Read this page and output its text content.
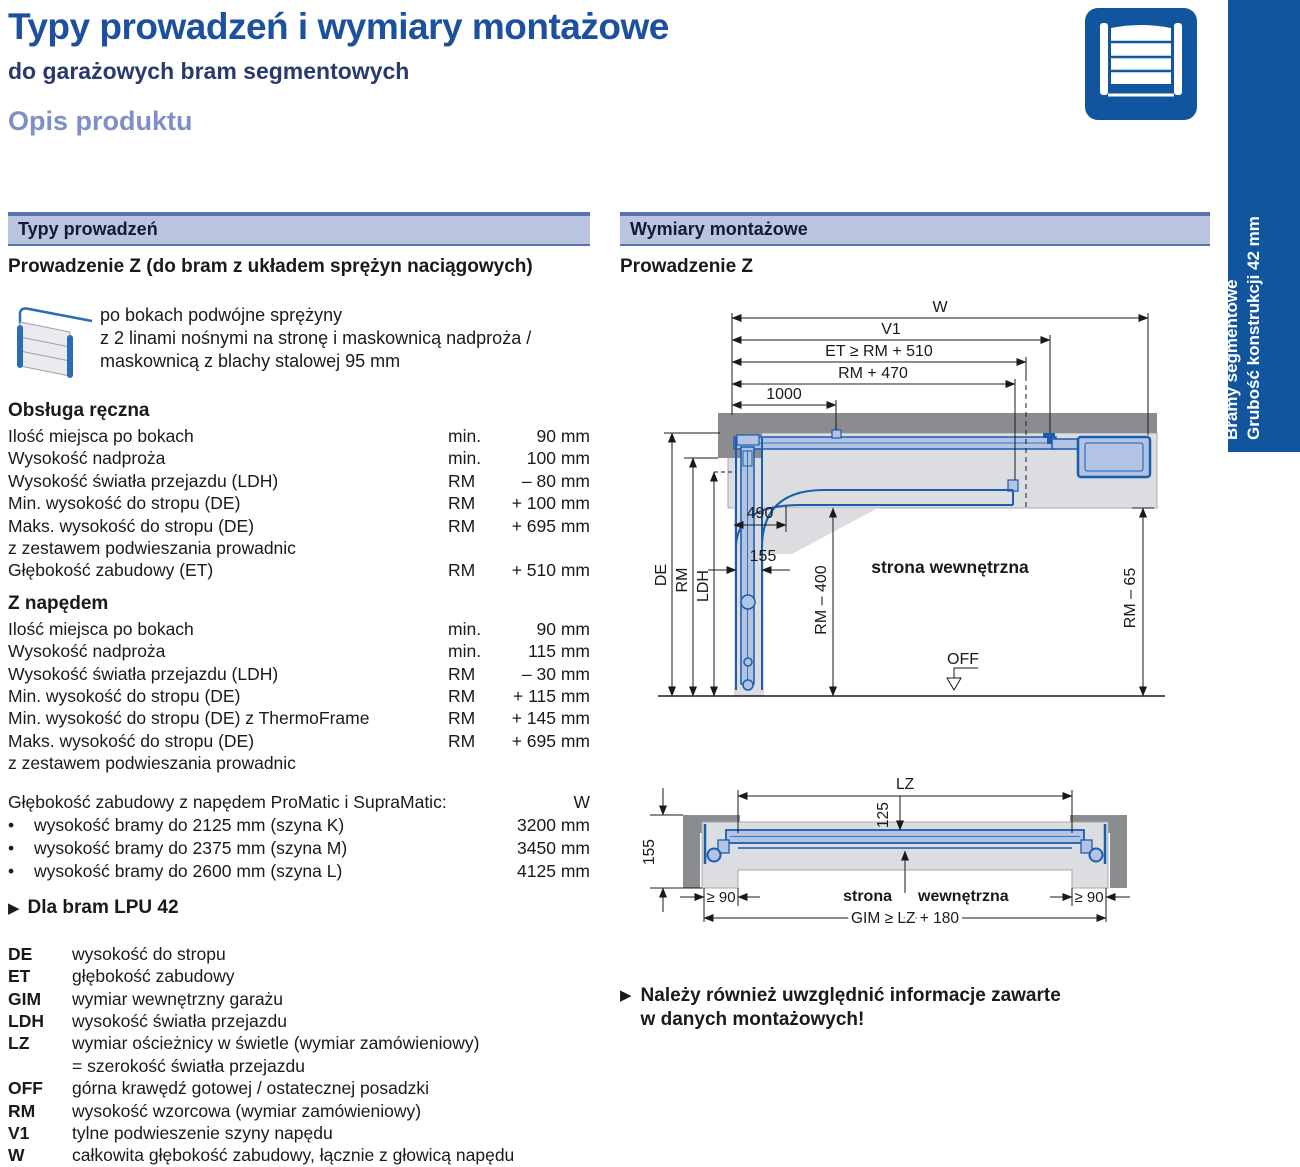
Typy prowadzeń i wymiary montażowe
do garażowych bram segmentowych
Opis produktu
Bramy segmentowe Grubość konstrukcji 42 mm
Typy prowadzeń
Prowadzenie Z (do bram z układem sprężyn naciągowych)
po bokach podwójne sprężyny
z 2 linami nośnymi na stronę i maskownicą nadproża /
maskownicą z blachy stalowej 95 mm
Obsługa ręczna
Ilość miejsca po bokach	min.	90 mm
Wysokość nadproża	min.	100 mm
Wysokość światła przejazdu (LDH)	RM	– 80 mm
Min. wysokość do stropu (DE)	RM	+ 100 mm
Maks. wysokość do stropu (DE)	RM	+ 695 mm
z zestawem podwieszania prowadnic
Głębokość zabudowy (ET)	RM	+ 510 mm
Z napędem
Ilość miejsca po bokach	min.	90 mm
Wysokość nadproża	min.	115 mm
Wysokość światła przejazdu (LDH)	RM	– 30 mm
Min. wysokość do stropu (DE)	RM	+ 115 mm
Min. wysokość do stropu (DE) z ThermoFrame	RM	+ 145 mm
Maks. wysokość do stropu (DE)	RM	+ 695 mm
z zestawem podwieszania prowadnic
Głębokość zabudowy z napędem ProMatic i SupraMatic:	W
•	wysokość bramy do 2125 mm (szyna K)	3200 mm
•	wysokość bramy do 2375 mm (szyna M)	3450 mm
•	wysokość bramy do 2600 mm (szyna L)	4125 mm
▶ Dla bram LPU 42
DE	wysokość do stropu
ET	głębokość zabudowy
GIM	wymiar wewnętrzny garażu
LDH	wysokość światła przejazdu
LZ	wymiar ościeżnicy w świetle (wymiar zamówieniowy)
= szerokość światła przejazdu
OFF	górna krawędź gotowej / ostatecznej posadzki
RM	wysokość wzorcowa (wymiar zamówieniowy)
V1	tylne podwieszenie szyny napędu
W	całkowita głębokość zabudowy, łącznie z głowicą napędu
Wymiary montażowe
Prowadzenie Z
W
V1
ET ≥ RM + 510
RM + 470
1000
490
155
DE RM LDH	RM – 400	RM – 65
OFF
strona wewnętrzna
LZ
125
155
≥ 90	≥ 90
GIM ≥ LZ + 180
strona wewnętrzna
▶ Należy również uwzględnić informacje zawarte
w danych montażowych!
